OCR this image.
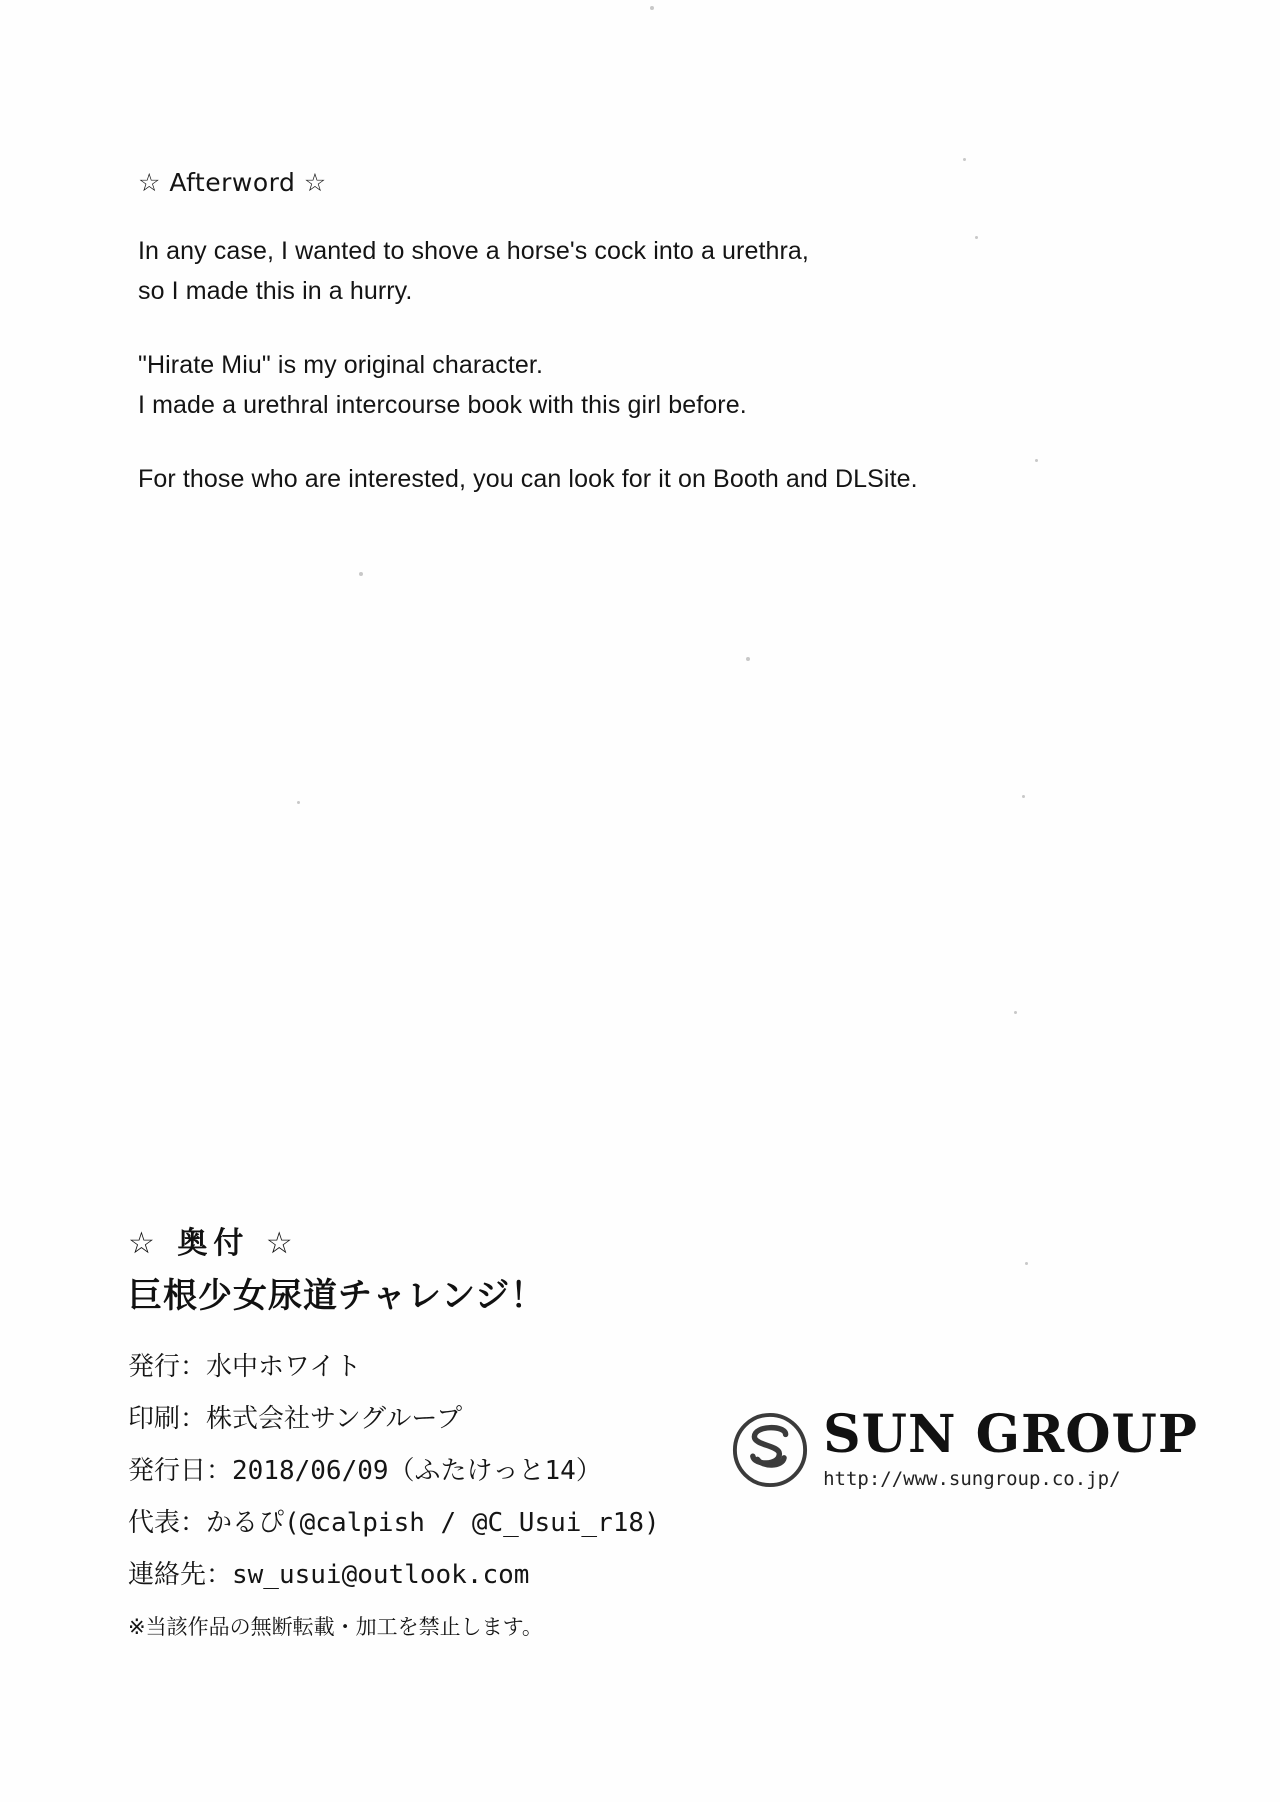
☆ Afterword ☆

In any case, I wanted to shove a horse's cock into a urethra,
so I made this in a hurry.

"Hirate Miu" is my original character.
I made a urethral intercourse book with this girl before.

For those who are interested, you can look for it on Booth and DLSite.

☆ 奥付 ☆
巨根少女尿道チャレンジ！
発行：水中ホワイト
印刷：株式会社サングループ
発行日：2018/06/09（ふたけっと14）
代表：かるぴ(@calpish / @C_Usui_r18)
連絡先：sw_usui@outlook.com
※当該作品の無断転載・加工を禁止します。
SUN GROUP
http://www.sungroup.co.jp/
